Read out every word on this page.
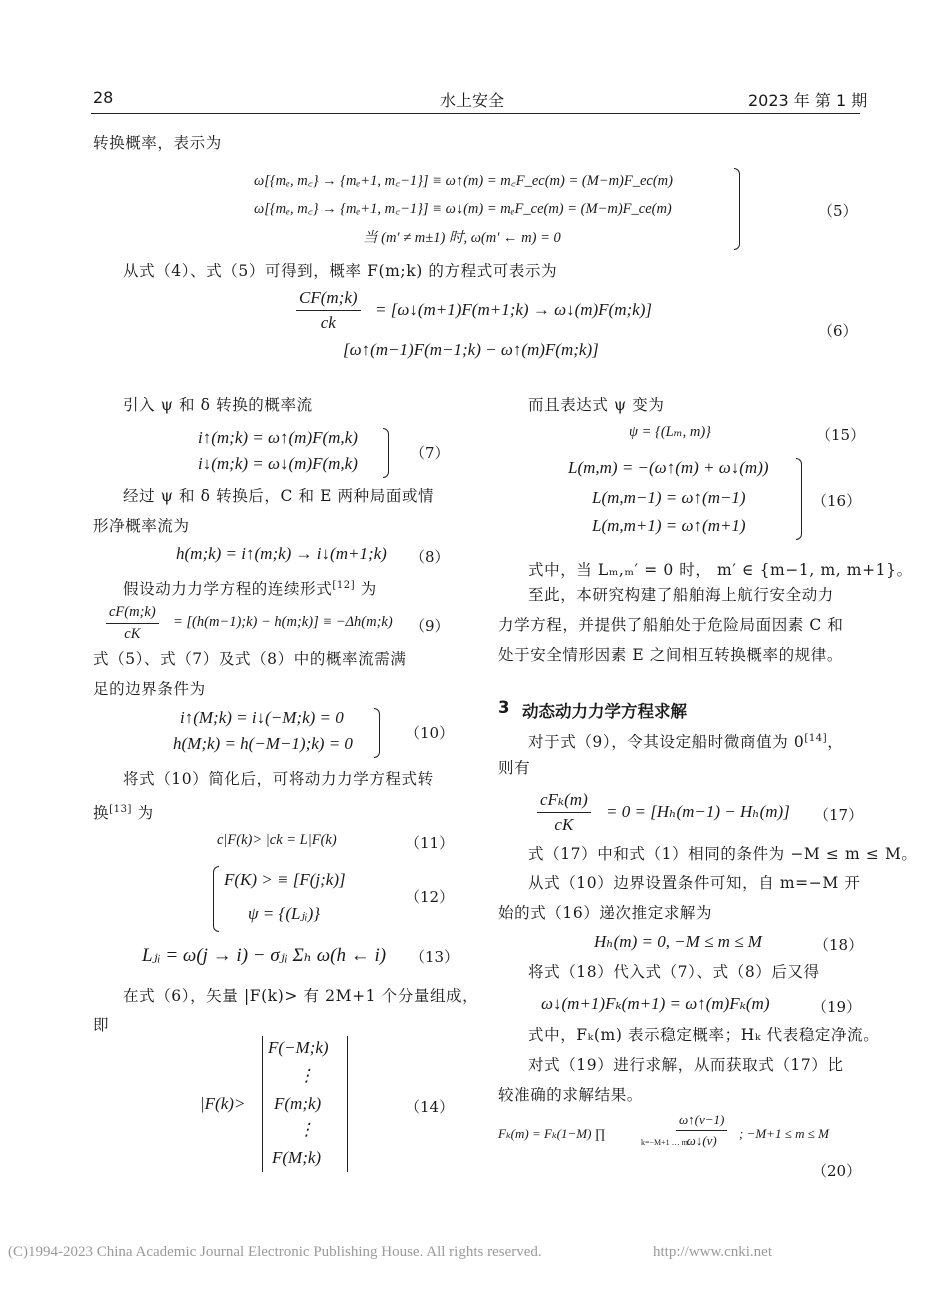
28	水上安全	2023 年 第 1 期
转换概率，表示为
ω[{mₑ, m꜀} → {mₑ+1, m꜀−1}] ≡ ω↑(m) = m꜀F_ec(m) = (M−m)F_ec(m)
ω[{mₑ, m꜀} → {mₑ+1, m꜀−1}] ≡ ω↓(m) = mₑF_ce(m) = (M−m)F_ce(m)
当 (m′ ≠ m±1) 时, ω(m′ ← m) = 0
（5）
从式（4）、式（5）可得到，概率 F(m;k) 的方程式可表示为
$\frac{CF(m;k)}{ck}$ = [ω↓(m+1)F(m+1;k) → ω↓(m)F(m;k)]
[ω↑(m−1)F(m−1;k) − ω↑(m)F(m;k)]
（6）
引入 ψ 和 δ 转换的概率流
i↑(m;k) = ω↑(m)F(m,k)
i↓(m;k) = ω↓(m)F(m,k)
（7）
经过 ψ 和 δ 转换后，C 和 E 两种局面或情
形净概率流为
h(m;k) = i↑(m;k) → i↓(m+1;k) （8）
假设动力力学方程的连续形式[12] 为
$\frac{cF(m;k)}{cK}$ = [(h(m−1);k) − h(m;k)] ≡ −Δh(m;k) （9）
式（5）、式（7）及式（8）中的概率流需满
足的边界条件为
i↑(M;k) = i↓(−M;k) = 0
h(M;k) = h(−M−1);k) = 0
（10）
将式（10）简化后，可将动力力学方程式转
换[13] 为
c|F(k)> |ck = L|F(k)	（11）
F(K) > ≡ [F(j;k)]
ψ = {(Lⱼᵢ)}
（12）
Lⱼᵢ = ω(j → i) − σⱼᵢ Σₕ ω(h ← i) （13）
在式（6），矢量 |F(k)> 有 2M+1 个分量组成，
即
|F(k)>
F(−M;k)
⋮
F(m;k)
⋮
F(M;k)
（14）
而且表达式 ψ 变为
ψ = {(Lₘ, m)}	（15）
L(m,m) = −(ω↑(m) + ω↓(m))
L(m,m−1) = ω↑(m−1)
L(m,m+1) = ω↑(m+1)
（16）
式中，当 Lₘ,ₘ′ = 0 时， m′ ∈ {m−1, m, m+1}。
至此，本研究构建了船舶海上航行安全动力
力学方程，并提供了船舶处于危险局面因素 C 和
处于安全情形因素 E 之间相互转换概率的规律。
3 动态动力力学方程求解
对于式（9），令其设定船时微商值为 0[14]，
则有
$\frac{\text{cFₖ(m)}}{cK} = 0 = [H_h(m-1) - H_h(m)]$ （17）
式（17）中和式（1）相同的条件为 −M ≤ m ≤ M。
从式（10）边界设置条件可知，自 m=−M 开
始的式（16）递次推定求解为
Hₕ(m) = 0, −M ≤ m ≤ M	（18）
将式（18）代入式（7）、式（8）后又得
ω↓(m+1)Fₖ(m+1) = ω↑(m)Fₖ(m)	（19）
式中，Fₖ(m) 表示稳定概率；Hₖ 代表稳定净流。
对式（19）进行求解，从而获取式（17）比
较准确的求解结果。
Fₖ(m) = Fₖ(1−M) ∏
k=−M+1 … m
$\frac{\omega↑(v-1)}{\omega↓(v)}$ ; −M+1 ≤ m ≤ M
（20）
(C)1994-2023 China Academic Journal Electronic Publishing House. All rights reserved.	http://www.cnki.net
